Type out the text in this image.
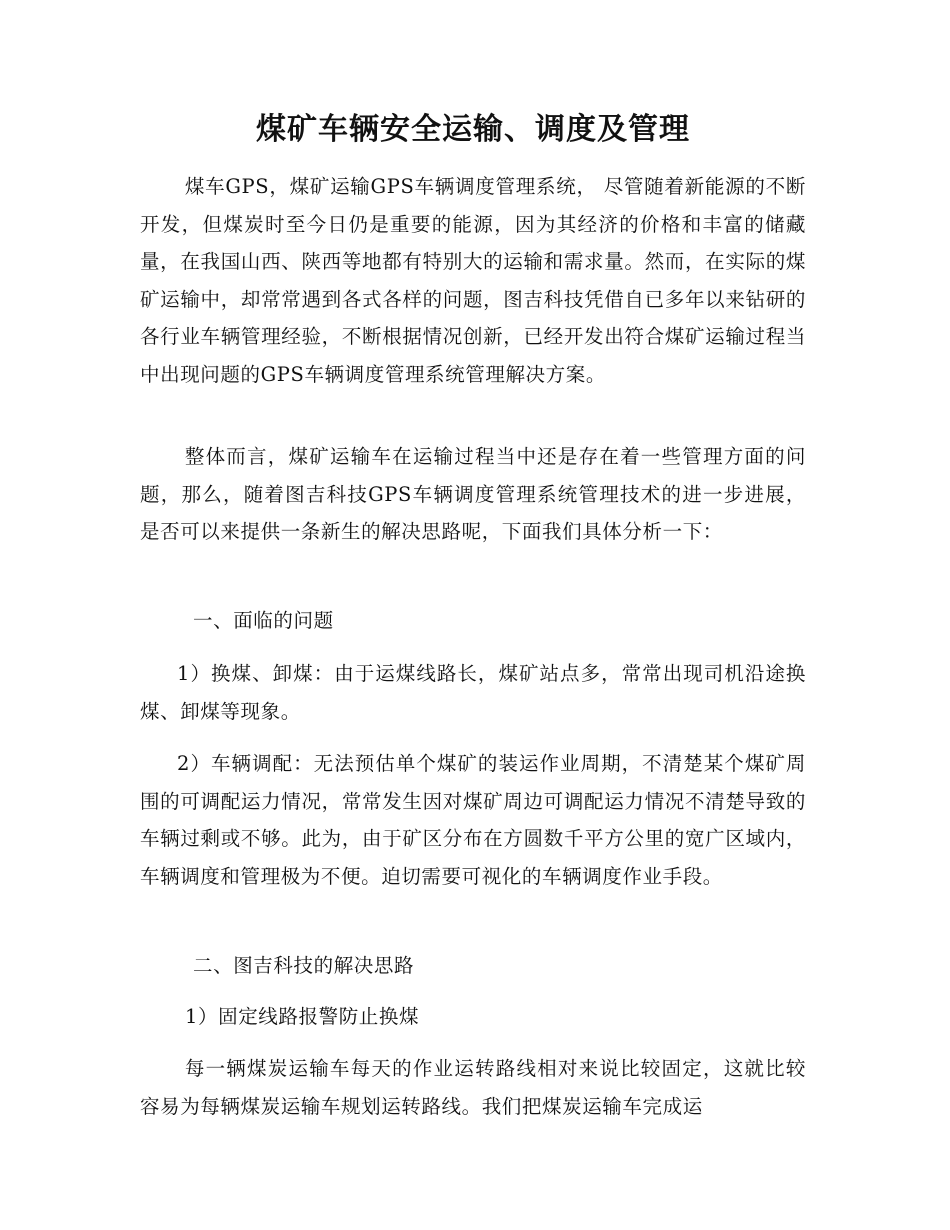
煤矿车辆安全运输、调度及管理

煤车GPS，煤矿运输GPS车辆调度管理系统， 尽管随着新能源的不断开发，但煤炭时至今日仍是重要的能源，因为其经济的价格和丰富的储藏量，在我国山西、陕西等地都有特别大的运输和需求量。然而，在实际的煤矿运输中，却常常遇到各式各样的问题，图吉科技凭借自已多年以来钻研的各行业车辆管理经验，不断根据情况创新，已经开发出符合煤矿运输过程当中出现问题的GPS车辆调度管理系统管理解决方案。

整体而言，煤矿运输车在运输过程当中还是存在着一些管理方面的问题，那么，随着图吉科技GPS车辆调度管理系统管理技术的进一步进展，是否可以来提供一条新生的解决思路呢，下面我们具体分析一下：

一、面临的问题

1）换煤、卸煤：由于运煤线路长，煤矿站点多，常常出现司机沿途换煤、卸煤等现象。

2）车辆调配：无法预估单个煤矿的装运作业周期，不清楚某个煤矿周围的可调配运力情况，常常发生因对煤矿周边可调配运力情况不清楚导致的车辆过剩或不够。此为，由于矿区分布在方圆数千平方公里的宽广区域内，车辆调度和管理极为不便。迫切需要可视化的车辆调度作业手段。

二、图吉科技的解决思路

1）固定线路报警防止换煤

每一辆煤炭运输车每天的作业运转路线相对来说比较固定，这就比较容易为每辆煤炭运输车规划运转路线。我们把煤炭运输车完成运
